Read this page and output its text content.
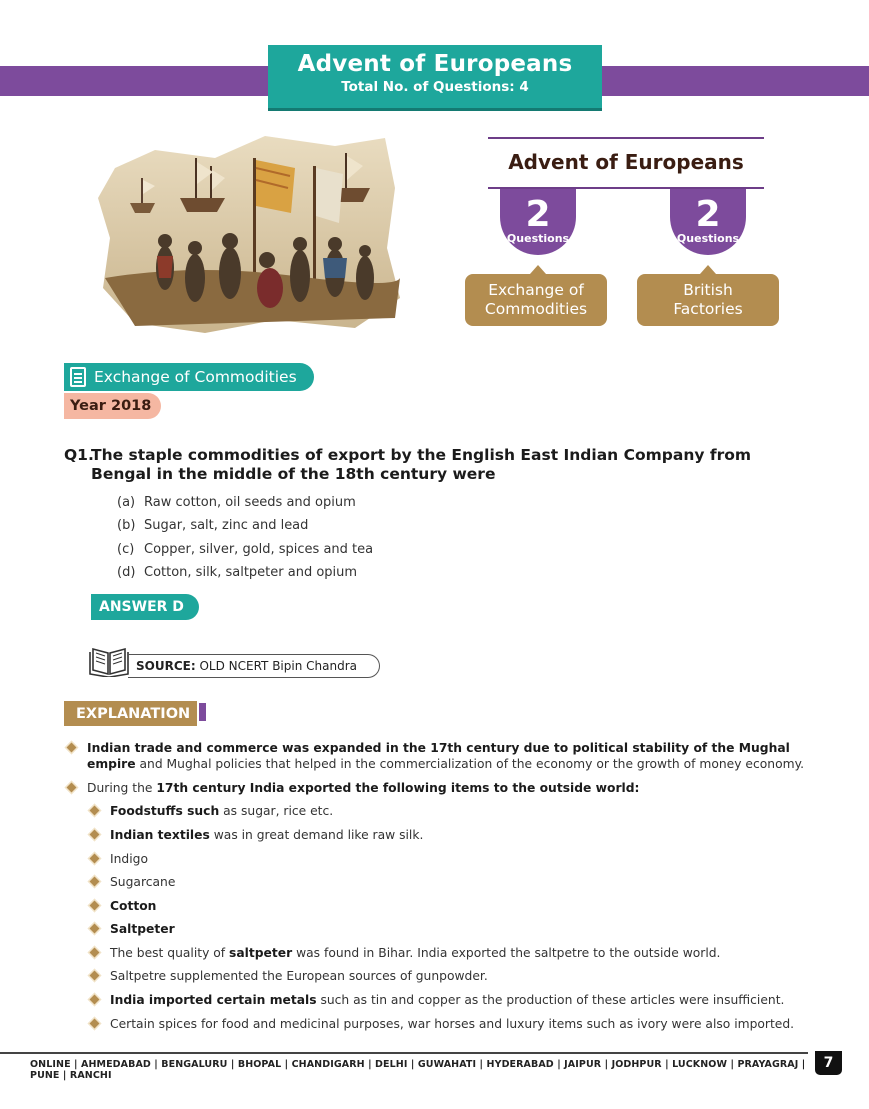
Advent of Europeans
Total No. of Questions: 4
Advent of Europeans
2
Questions
Exchange of
Commodities
2
Questions
British
Factories
Exchange of Commodities
Year 2018
Q1.
The staple commodities of export by the English East Indian Company from Bengal in the middle of the 18th century were
(a) Raw cotton, oil seeds and opium
(b) Sugar, salt, zinc and lead
(c) Copper, silver, gold, spices and tea
(d) Cotton, silk, saltpeter and opium
ANSWER D
SOURCE:
OLD NCERT Bipin Chandra
EXPLANATION
Indian trade and commerce was expanded in the 17th century due to political stability of the Mughal empire and Mughal policies that helped in the commercialization of the economy or the growth of money economy.
During the 17th century India exported the following items to the outside world:
Foodstuffs such as sugar, rice etc.
Indian textiles was in great demand like raw silk.
Indigo
Sugarcane
Cotton
Saltpeter
The best quality of saltpeter was found in Bihar. India exported the saltpetre to the outside world.
Saltpetre supplemented the European sources of gunpowder.
India imported certain metals such as tin and copper as the production of these articles were insufficient.
Certain spices for food and medicinal purposes, war horses and luxury items such as ivory were also imported.
ONLINE | AHMEDABAD | BENGALURU | BHOPAL | CHANDIGARH | DELHI | GUWAHATI | HYDERABAD | JAIPUR | JODHPUR | LUCKNOW | PRAYAGRAJ | PUNE | RANCHI
7
